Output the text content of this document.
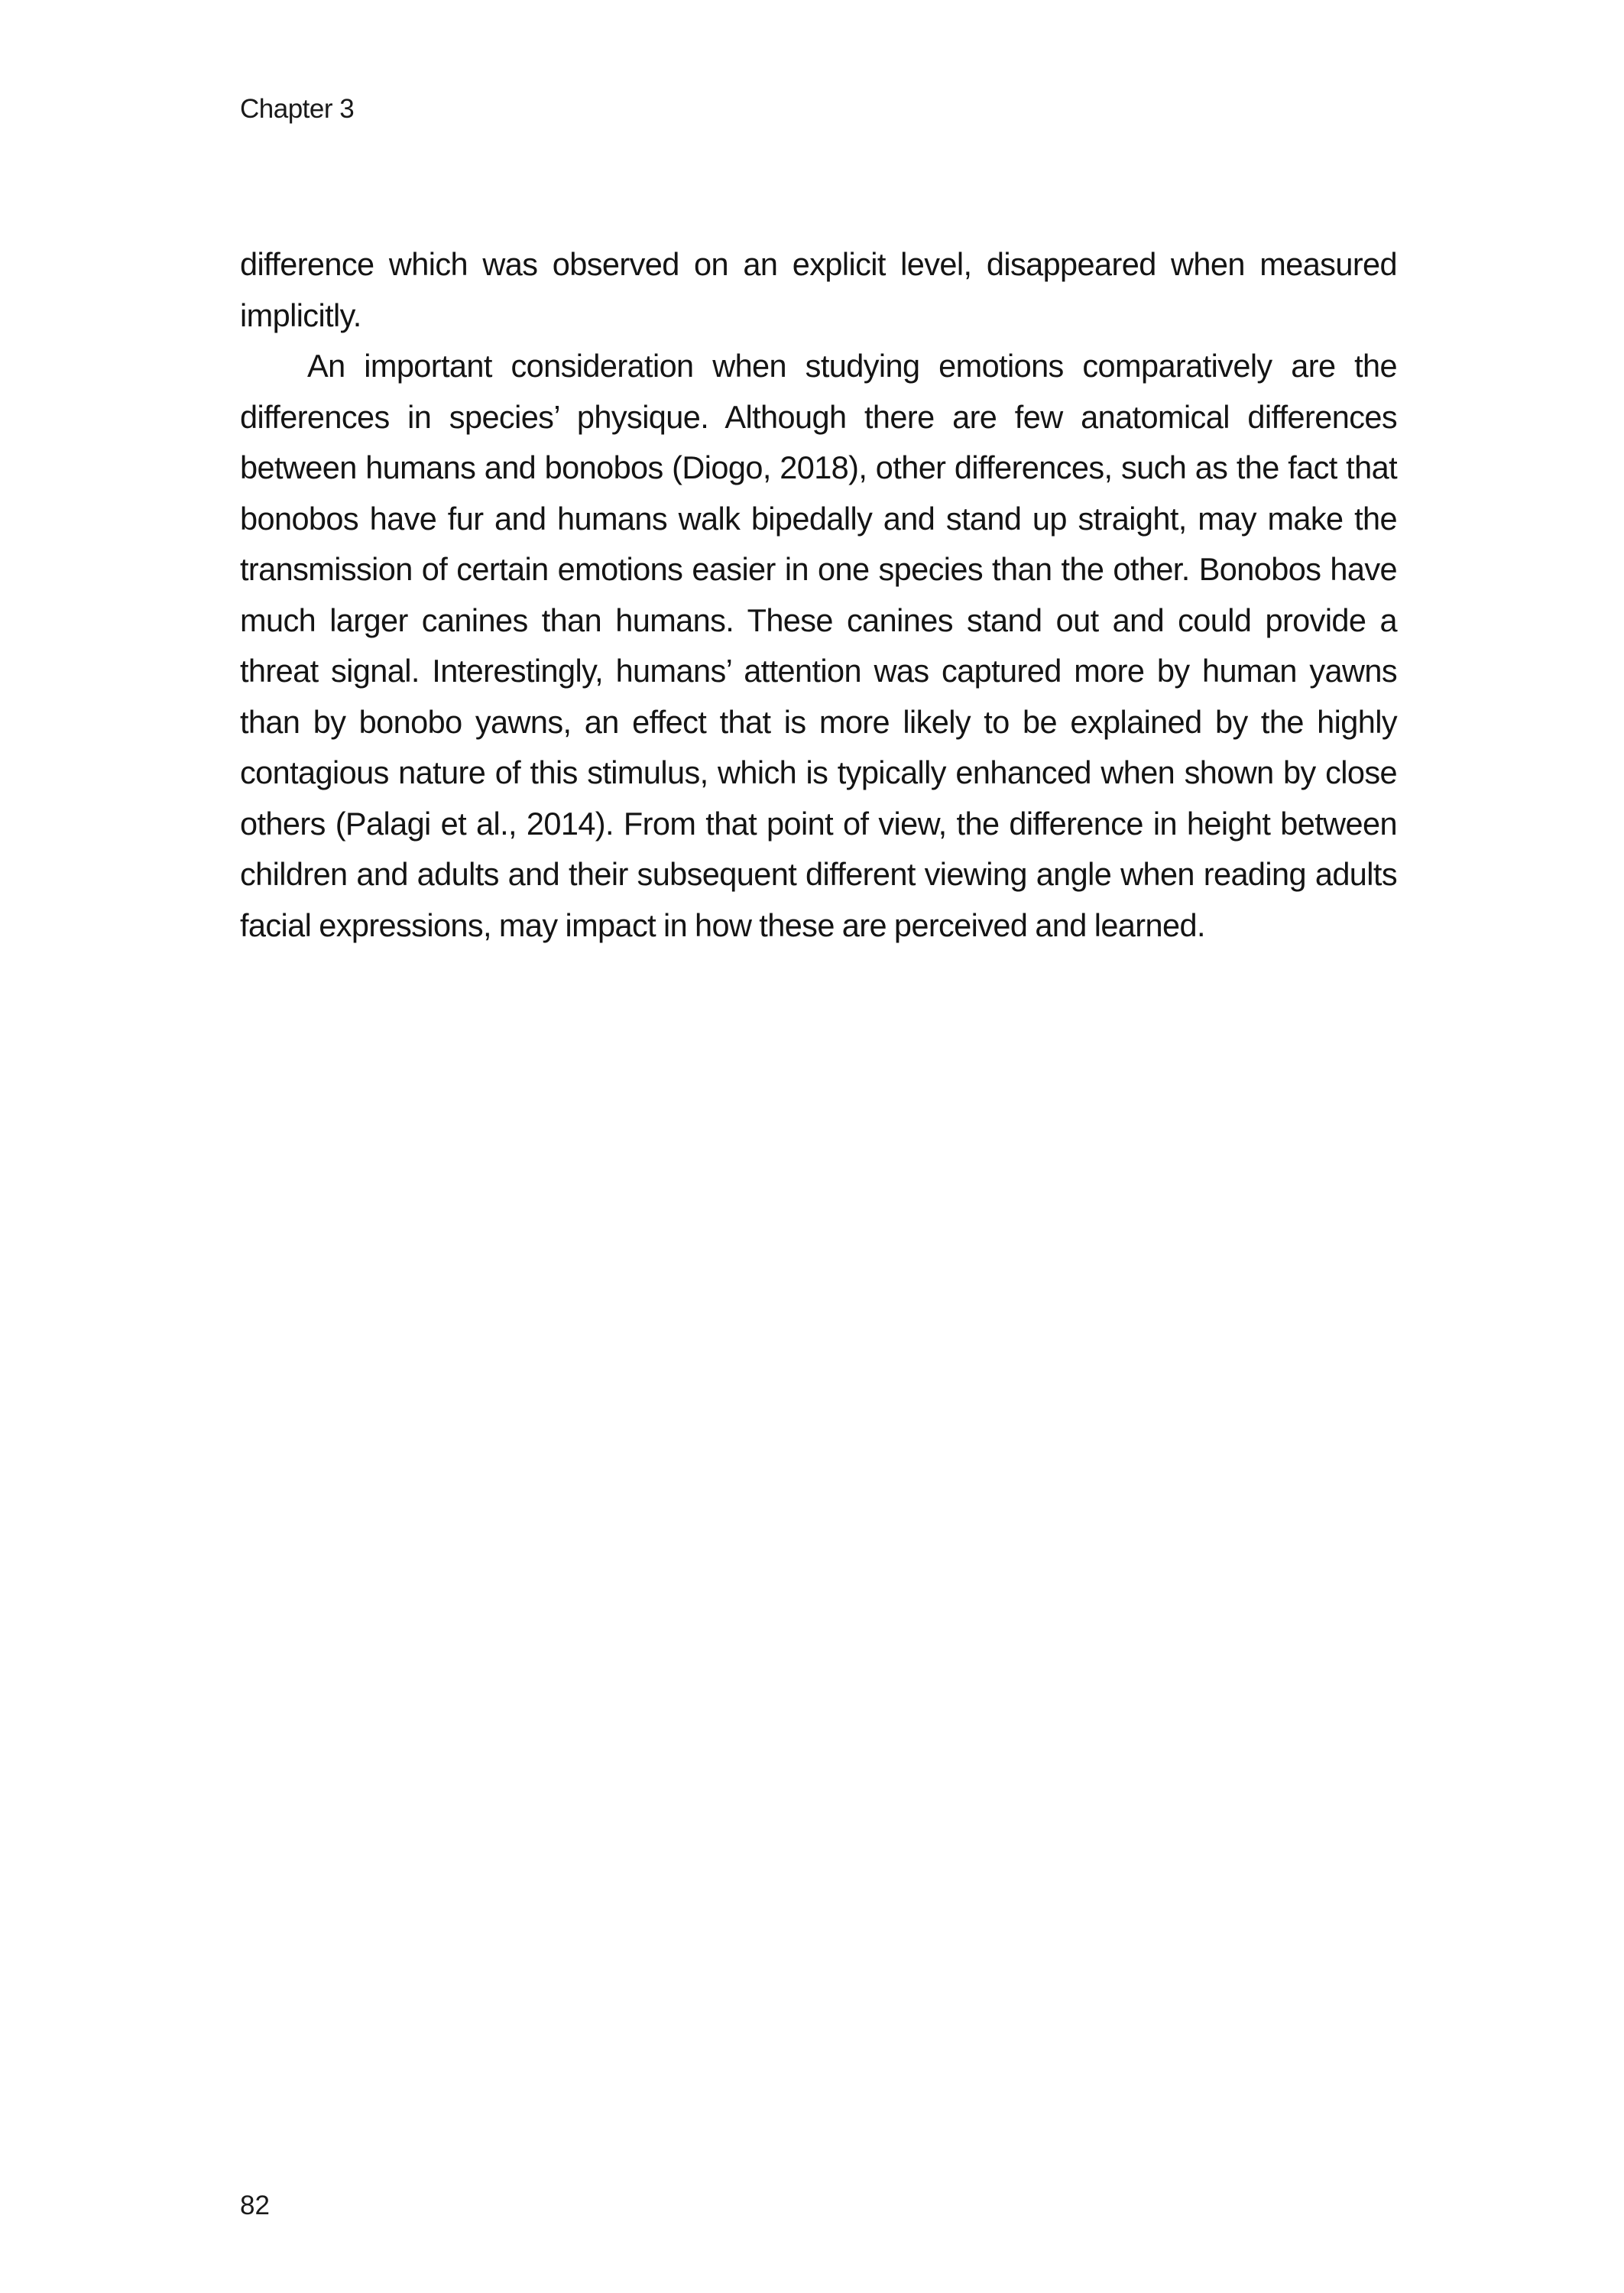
Chapter 3

difference which was observed on an explicit level, disappeared when measured implicitly.

An important consideration when studying emotions comparatively are the differences in species’ physique. Although there are few anatomical differences between humans and bonobos (Diogo, 2018), other differences, such as the fact that bonobos have fur and humans walk bipedally and stand up straight, may make the transmission of certain emotions easier in one species than the other. Bonobos have much larger canines than humans. These canines stand out and could provide a threat signal. Interestingly, humans’ attention was captured more by human yawns than by bonobo yawns, an effect that is more likely to be explained by the highly contagious nature of this stimulus, which is typically enhanced when shown by close others (Palagi et al., 2014). From that point of view, the difference in height between children and adults and their subsequent different viewing angle when reading adults facial expressions, may impact in how these are perceived and learned.

82
